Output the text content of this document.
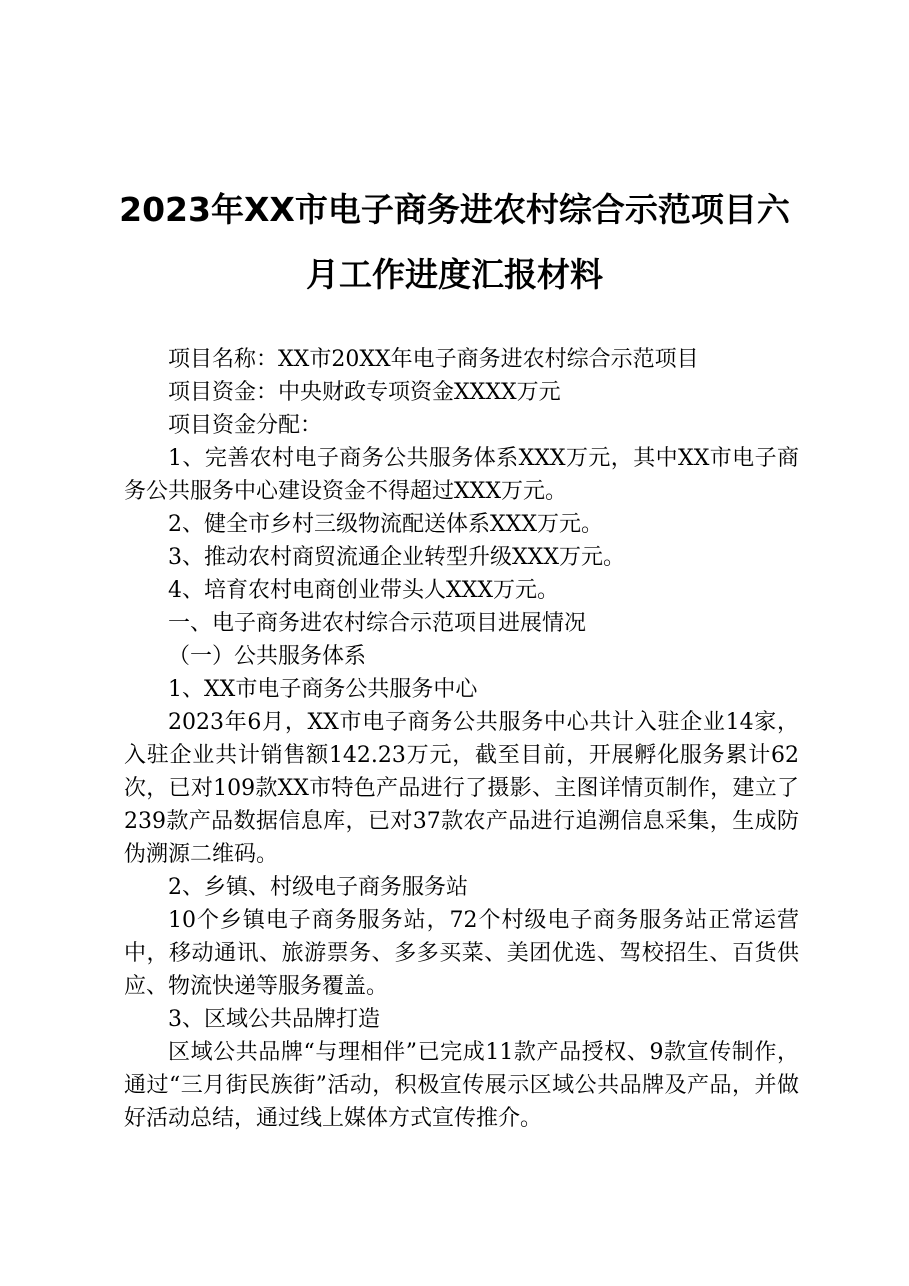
2023年XX市电子商务进农村综合示范项目六
月工作进度汇报材料

项目名称：XX市20XX年电子商务进农村综合示范项目

项目资金：中央财政专项资金XXXX万元

项目资金分配：

1、完善农村电子商务公共服务体系XXX万元，其中XX市电子商务公共服务中心建设资金不得超过XXX万元。

2、健全市乡村三级物流配送体系XXX万元。

3、推动农村商贸流通企业转型升级XXX万元。

4、培育农村电商创业带头人XXX万元。

一、电子商务进农村综合示范项目进展情况

（一）公共服务体系

1、XX市电子商务公共服务中心

2023年6月，XX市电子商务公共服务中心共计入驻企业14家，入驻企业共计销售额142.23万元，截至目前，开展孵化服务累计62次，已对109款XX市特色产品进行了摄影、主图详情页制作，建立了239款产品数据信息库，已对37款农产品进行追溯信息采集，生成防伪溯源二维码。

2、乡镇、村级电子商务服务站

10个乡镇电子商务服务站，72个村级电子商务服务站正常运营中，移动通讯、旅游票务、多多买菜、美团优选、驾校招生、百货供应、物流快递等服务覆盖。

3、区域公共品牌打造

区域公共品牌“与理相伴”已完成11款产品授权、9款宣传制作，通过“三月街民族街”活动，积极宣传展示区域公共品牌及产品，并做好活动总结，通过线上媒体方式宣传推介。
